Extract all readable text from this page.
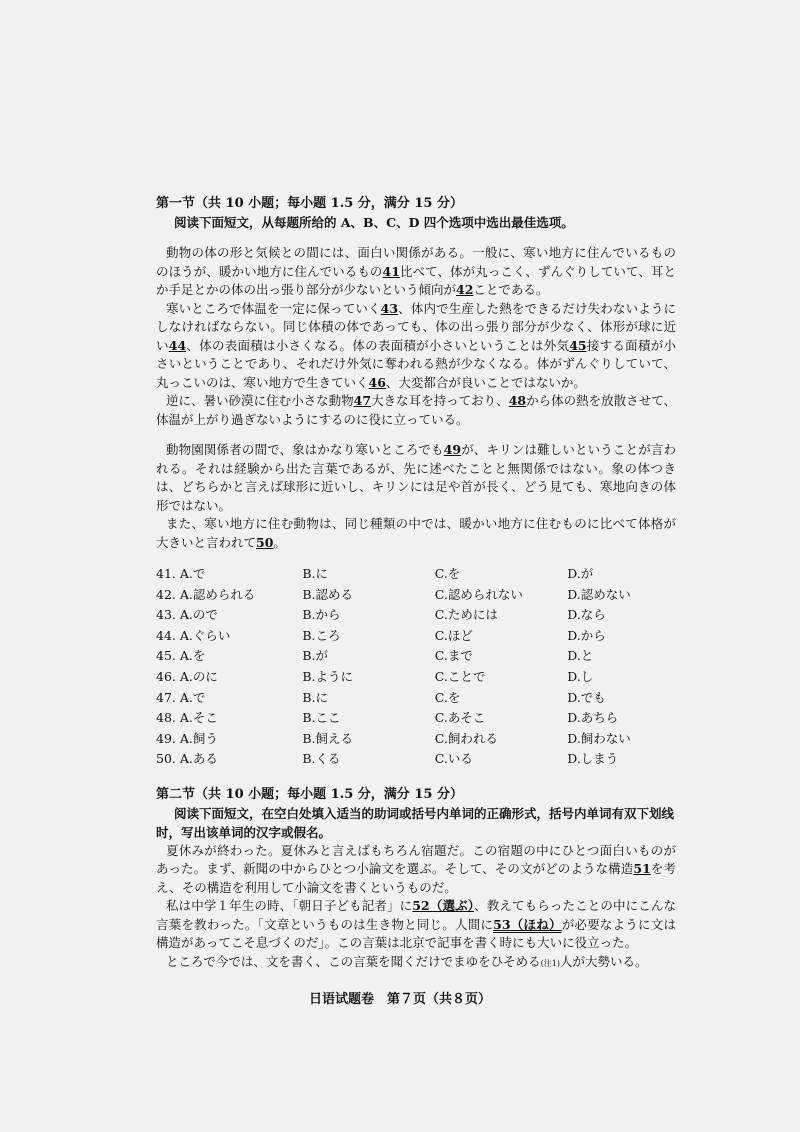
第一节（共 10 小题；每小题 1.5 分，满分 15 分）
阅读下面短文，从每题所给的 A、B、C、D 四个选项中选出最佳选项。
動物の体の形と気候との間には、面白い関係がある。一般に、寒い地方に住んでいるもののほうが、暖かい地方に住んでいるもの41比べて、体が丸っこく、ずんぐりしていて、耳とか手足とかの体の出っ張り部分が少ないという傾向が42ことである。
寒いところで体温を一定に保っていく43、体内で生産した熱をできるだけ失わないようにしなければならない。同じ体積の体であっても、体の出っ張り部分が少なく、体形が球に近い44、体の表面積は小さくなる。体の表面積が小さいということは外気45接する面積が小さいということであり、それだけ外気に奪われる熱が少なくなる。体がずんぐりしていて、丸っこいのは、寒い地方で生きていく46、大変都合が良いことではないか。
逆に、暑い砂漠に住む小さな動物47大きな耳を持っており、48から体の熱を放散させて、体温が上がり過ぎないようにするのに役に立っている。
動物園関係者の間で、象はかなり寒いところでも49が、キリンは難しいということが言われる。それは経験から出た言葉であるが、先に述べたことと無関係ではない。象の体つきは、どちらかと言えば球形に近いし、キリンには足や首が長く、どう見ても、寒地向きの体形ではない。
また、寒い地方に住む動物は、同じ種類の中では、暖かい地方に住むものに比べて体格が大きいと言われて50。
41. A.で	B.に	C.を	D.が
42. A.認められる	B.認める	C.認められない	D.認めない
43. A.ので	B.から	C.ためには	D.なら
44. A.ぐらい	B.ころ	C.ほど	D.から
45. A.を	B.が	C.まで	D.と
46. A.のに	B.ように	C.ことで	D.し
47. A.で	B.に	C.を	D.でも
48. A.そこ	B.ここ	C.あそこ	D.あちら
49. A.飼う	B.飼える	C.飼われる	D.飼わない
50. A.ある	B.くる	C.いる	D.しまう
第二节（共 10 小题；每小题 1.5 分，满分 15 分）
阅读下面短文，在空白处填入适当的助词或括号内单词的正确形式，括号内单词有双下划线时，写出该单词的汉字或假名。
夏休みが終わった。夏休みと言えばもちろん宿題だ。この宿題の中にひとつ面白いものがあった。まず、新聞の中からひとつ小論文を選ぶ。そして、その文がどのような構造51を考え、その構造を利用して小論文を書くというものだ。
私は中学１年生の時、「朝日子ども記者」に52（選ぶ）、教えてもらったことの中にこんな言葉を教わった。「文章というものは生き物と同じ。人間に53（ほね）が必要なように文は構造があってこそ息づくのだ」。この言葉は北京で記事を書く時にも大いに役立った。
ところで今では、文を書く、この言葉を聞くだけでまゆをひそめる(注1)人が大勢いる。
日语试题卷　第７页（共８页）
